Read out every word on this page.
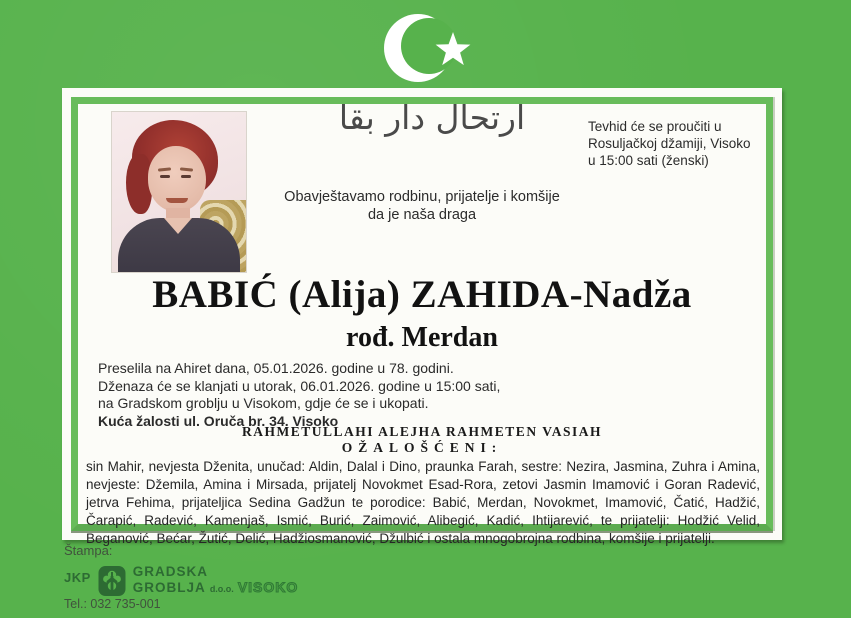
ارتحال دار بقا	Tevhid će se proučiti u
Rosuljačkoj džamiji, Visoko
u 15:00 sati (ženski)
Obavještavamo rodbinu, prijatelje i komšije
da je naša draga
BABIĆ (Alija) ZAHIDA-Nadža
rođ. Merdan
Preselila na Ahiret dana, 05.01.2026. godine u 78. godini.
Dženaza će se klanjati u utorak, 06.01.2026. godine u 15:00 sati,
na Gradskom groblju u Visokom, gdje će se i ukopati.
Kuća žalosti ul. Oruča br. 34. Visoko
RAHMETULLAHI ALEJHA RAHMETEN VASIAH
OŽALOŠĆENI:

sin Mahir, nevjesta Dženita, unučad: Aldin, Dalal i Dino, praunka Farah, sestre: Nezira, Jasmina, Zuhra i Amina, nevjeste: Džemila, Amina i Mirsada, prijatelj Novokmet Esad-Rora, zetovi Jasmin Imamović i Goran Radević, jetrva Fehima, prijateljica Sedina Gadžun te porodice: Babić, Merdan, Novokmet, Imamović, Čatić, Hadžić, Čarapić, Radević, Kamenjaš, Ismić, Burić, Zaimović, Alibegić, Kadić, Ihtijarević, te prijatelji: Hodžić Velid, Beganović, Bećar, Žutić, Delić, Hadžiosmanović, Džulbić i ostala mnogobrojna rodbina, komšije i prijatelji.

Štampa:
JKP	GRADSKA
GROBLJA d.o.o. VISOKO
Tel.: 032 735-001
